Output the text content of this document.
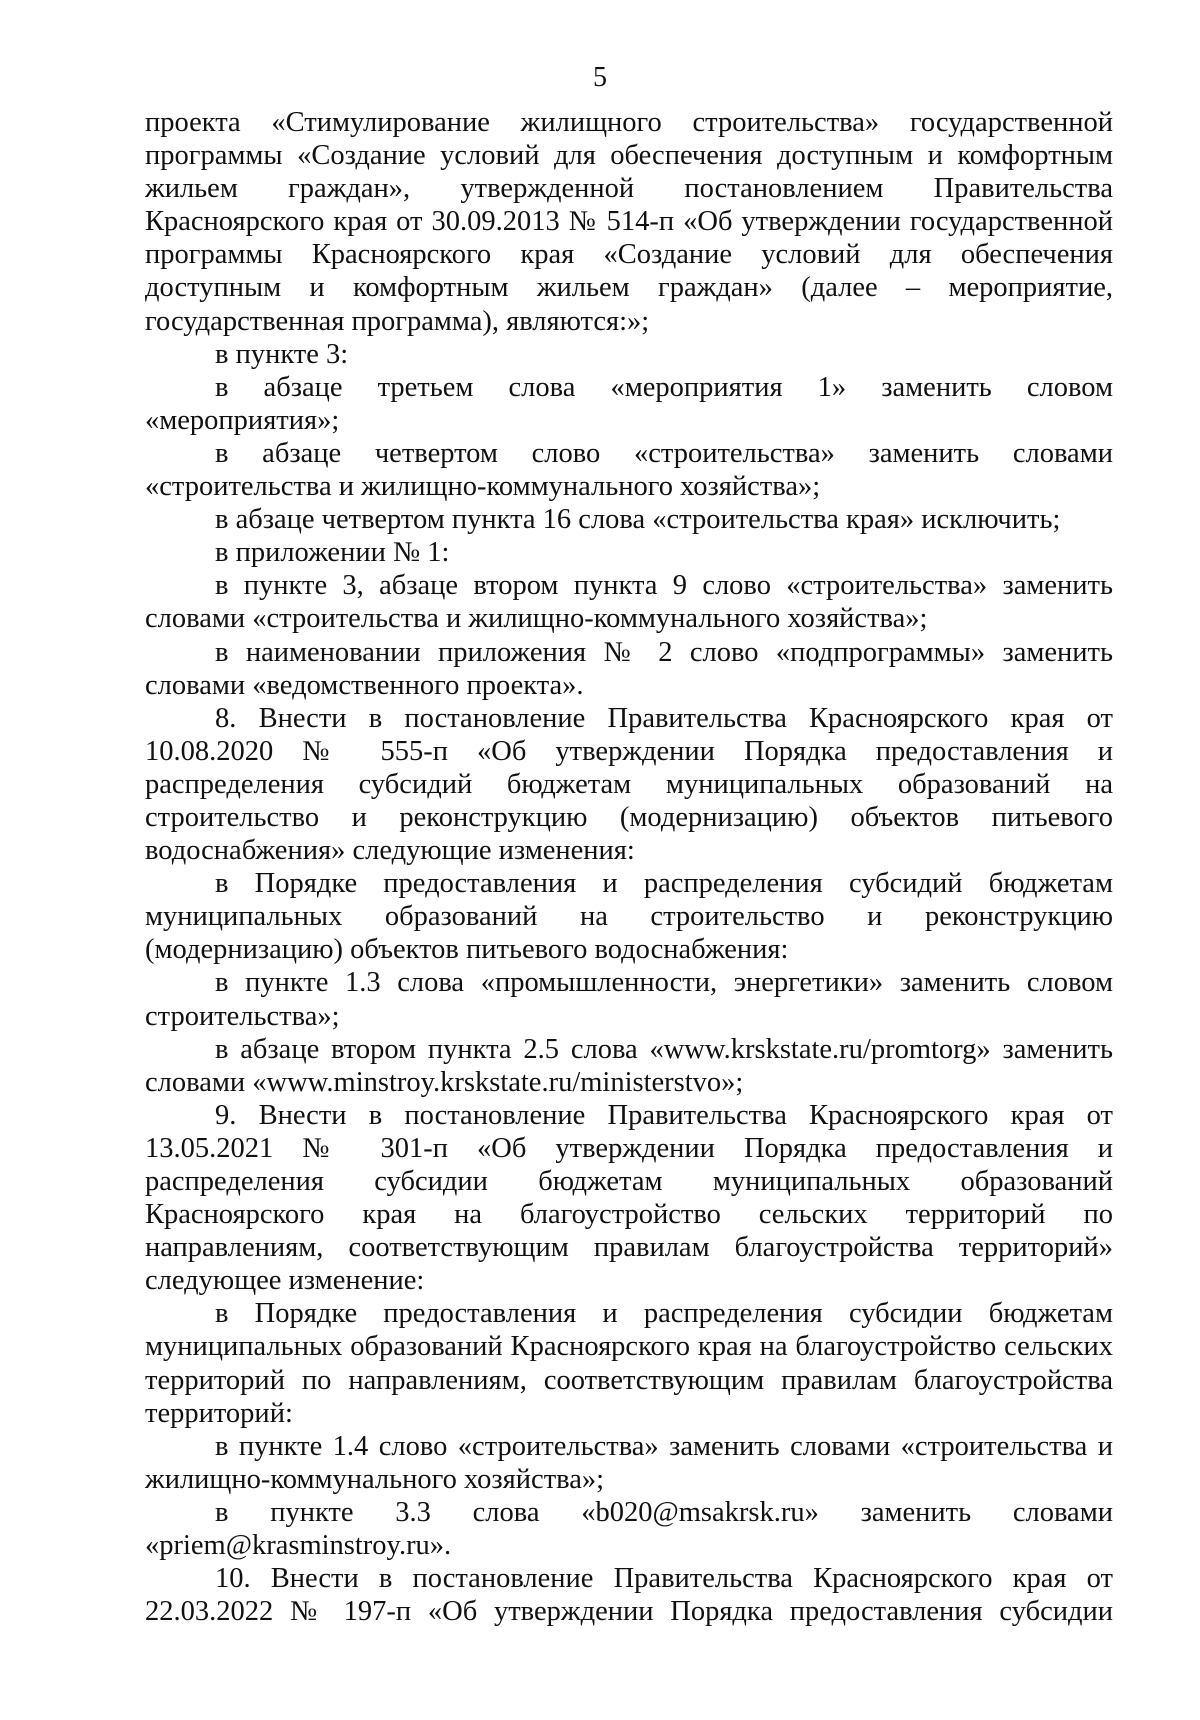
5

проекта «Стимулирование жилищного строительства» государственной программы «Создание условий для обеспечения доступным и комфортным жильем граждан», утвержденной постановлением Правительства Красноярского края от 30.09.2013 № 514-п «Об утверждении государственной программы Красноярского края «Создание условий для обеспечения доступным и комфортным жильем граждан» (далее – мероприятие, государственная программа), являются:»;

в пункте 3:

в абзаце третьем слова «мероприятия 1» заменить словом «мероприятия»;

в абзаце четвертом слово «строительства» заменить словами «строительства и жилищно-коммунального хозяйства»;

в абзаце четвертом пункта 16 слова «строительства края» исключить;

в приложении № 1:

в пункте 3, абзаце втором пункта 9 слово «строительства» заменить словами «строительства и жилищно-коммунального хозяйства»;

в наименовании приложения № 2 слово «подпрограммы» заменить словами «ведомственного проекта».

8. Внести в постановление Правительства Красноярского края от 10.08.2020 № 555-п «Об утверждении Порядка предоставления и распределения субсидий бюджетам муниципальных образований на строительство и реконструкцию (модернизацию) объектов питьевого водоснабжения» следующие изменения:

в Порядке предоставления и распределения субсидий бюджетам муниципальных образований на строительство и реконструкцию (модернизацию) объектов питьевого водоснабжения:

в пункте 1.3 слова «промышленности, энергетики» заменить словом строительства»;

в абзаце втором пункта 2.5 слова «www.krskstate.ru/promtorg» заменить словами «www.minstroy.krskstate.ru/ministerstvo»;

9. Внести в постановление Правительства Красноярского края от 13.05.2021 № 301-п «Об утверждении Порядка предоставления и распределения субсидии бюджетам муниципальных образований Красноярского края на благоустройство сельских территорий по направлениям, соответствующим правилам благоустройства территорий» следующее изменение:

в Порядке предоставления и распределения субсидии бюджетам муниципальных образований Красноярского края на благоустройство сельских территорий по направлениям, соответствующим правилам благоустройства территорий:

в пункте 1.4 слово «строительства» заменить словами «строительства и жилищно-коммунального хозяйства»;

в пункте 3.3 слова «b020@msakrsk.ru» заменить словами «priem@krasminstroy.ru».

10. Внести в постановление Правительства Красноярского края от 22.03.2022 № 197-п «Об утверждении Порядка предоставления субсидии
